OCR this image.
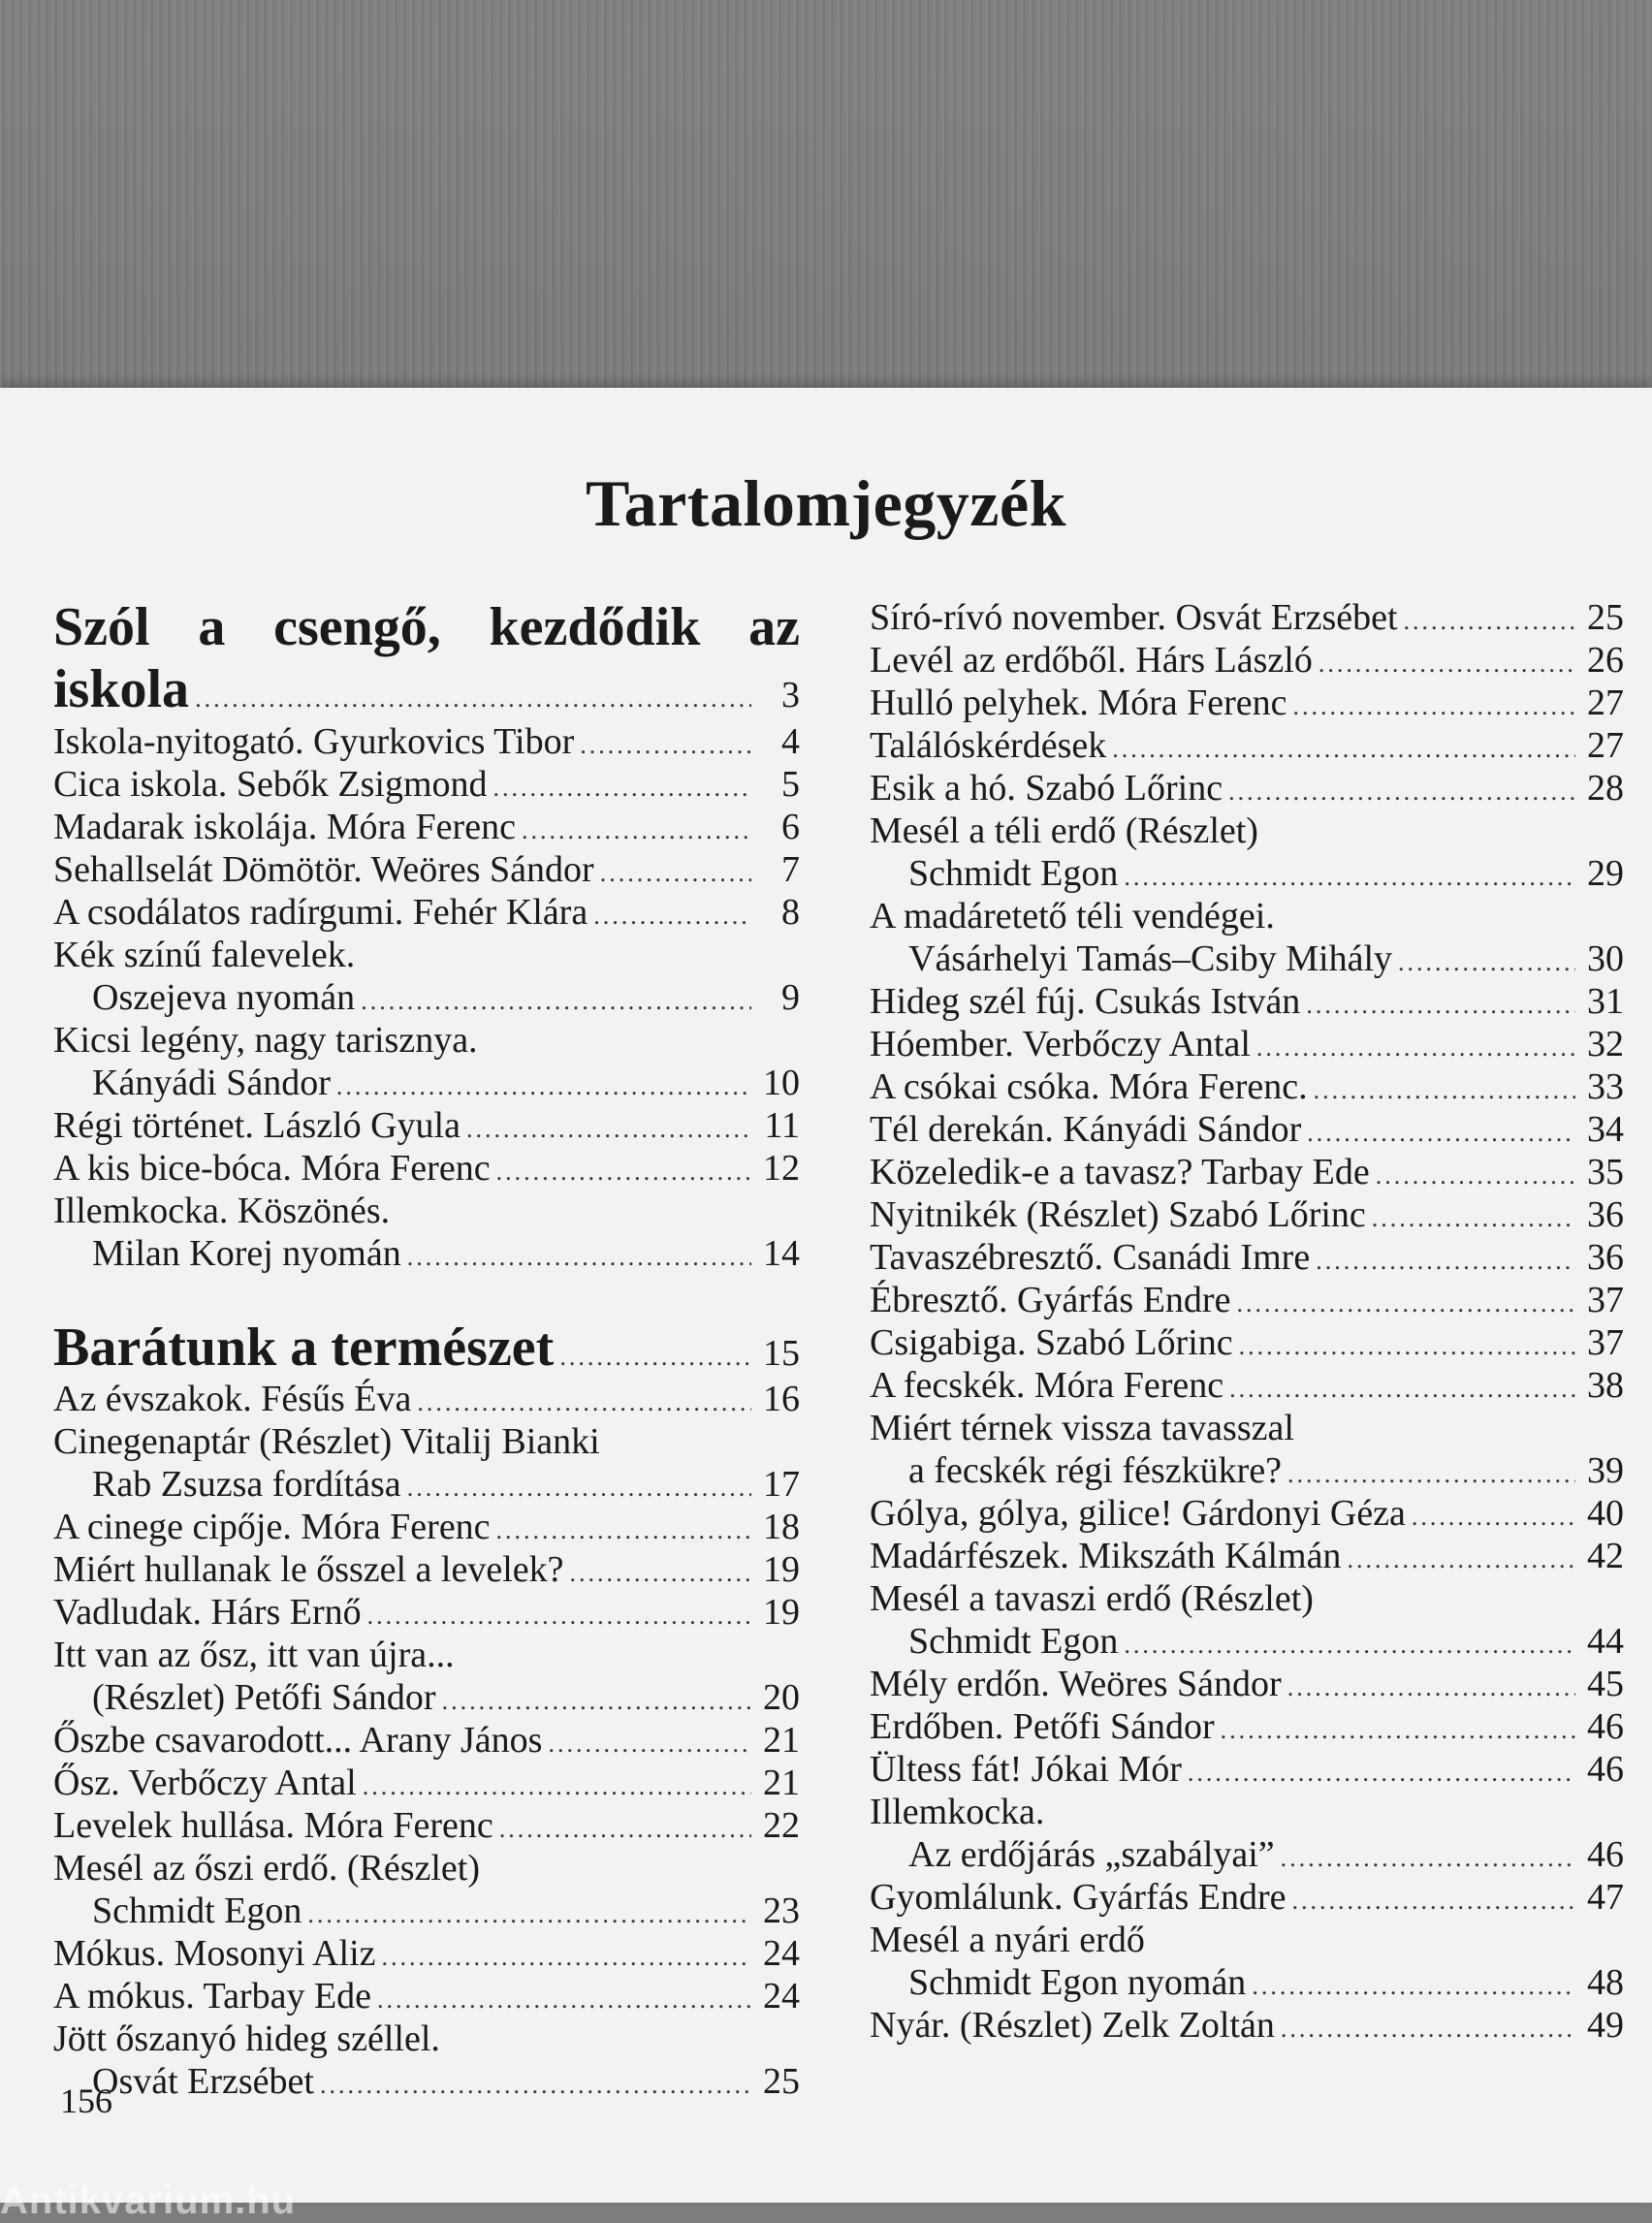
Tartalomjegyzék
Szól a csengő, kezdődik az
iskola .....	3
Iskola-nyitogató. Gyurkovics Tibor .....	4
Cica iskola. Sebők Zsigmond .....	5
Madarak iskolája. Móra Ferenc .....	6
Sehallselát Dömötör. Weöres Sándor .....	7
A csodálatos radírgumi. Fehér Klára .....	8
Kék színű falevelek.
Oszejeva nyomán .....	9
Kicsi legény, nagy tarisznya.
Kányádi Sándor .....	10
Régi történet. László Gyula .....	11
A kis bice-bóca. Móra Ferenc .....	12
Illemkocka. Köszönés.
Milan Korej nyomán .....	14
Barátunk a természet .....	15
Az évszakok. Fésűs Éva .....	16
Cinegenaptár (Részlet) Vitalij Bianki
Rab Zsuzsa fordítása .....	17
A cinege cipője. Móra Ferenc .....	18
Miért hullanak le ősszel a levelek? .....	19
Vadludak. Hárs Ernő .....	19
Itt van az ősz, itt van újra...
(Részlet) Petőfi Sándor .....	20
Őszbe csavarodott... Arany János .....	21
Ősz. Verbőczy Antal .....	21
Levelek hullása. Móra Ferenc .....	22
Mesél az őszi erdő. (Részlet)
Schmidt Egon .....	23
Mókus. Mosonyi Aliz .....	24
A mókus. Tarbay Ede .....	24
Jött őszanyó hideg széllel.
Osvát Erzsébet .....	25
Síró-rívó november. Osvát Erzsébet .....	25
Levél az erdőből. Hárs László .....	26
Hulló pelyhek. Móra Ferenc .....	27
Találóskérdések .....	27
Esik a hó. Szabó Lőrinc .....	28
Mesél a téli erdő (Részlet)
Schmidt Egon .....	29
A madáretető téli vendégei.
Vásárhelyi Tamás–Csiby Mihály .....	30
Hideg szél fúj. Csukás István .....	31
Hóember. Verbőczy Antal .....	32
A csókai csóka. Móra Ferenc. .....	33
Tél derekán. Kányádi Sándor .....	34
Közeledik-e a tavasz? Tarbay Ede .....	35
Nyitnikék (Részlet) Szabó Lőrinc .....	36
Tavaszébresztő. Csanádi Imre .....	36
Ébresztő. Gyárfás Endre .....	37
Csigabiga. Szabó Lőrinc .....	37
A fecskék. Móra Ferenc .....	38
Miért térnek vissza tavasszal
a fecskék régi fészkükre? .....	39
Gólya, gólya, gilice! Gárdonyi Géza .....	40
Madárfészek. Mikszáth Kálmán .....	42
Mesél a tavaszi erdő (Részlet)
Schmidt Egon .....	44
Mély erdőn. Weöres Sándor .....	45
Erdőben. Petőfi Sándor .....	46
Ültess fát! Jókai Mór .....	46
Illemkocka.
Az erdőjárás „szabályai” .....	46
Gyomlálunk. Gyárfás Endre .....	47
Mesél a nyári erdő
Schmidt Egon nyomán .....	48
Nyár. (Részlet) Zelk Zoltán .....	49
156
Antikvarium.hu
